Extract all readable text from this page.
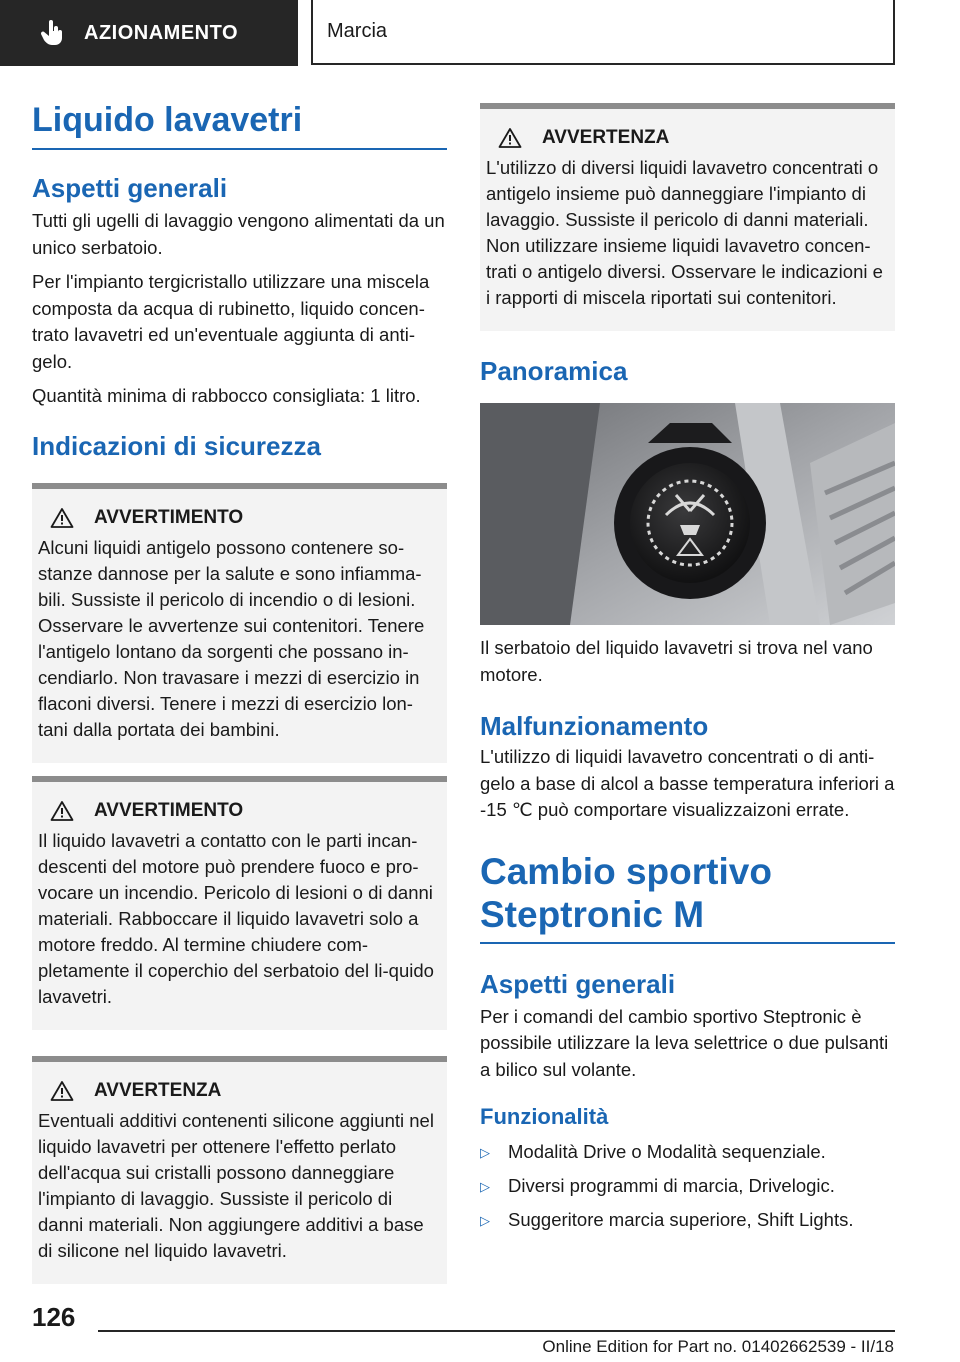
AZIONAMENTO	Marcia
Liquido lavavetri
Aspetti generali

Tutti gli ugelli di lavaggio vengono alimentati da un unico serbatoio.

Per l'impianto tergicristallo utilizzare una miscela composta da acqua di rubinetto, liquido concen-trato lavavetri ed un'eventuale aggiunta di anti-gelo.

Quantità minima di rabbocco consigliata: 1 litro.

Indicazioni di sicurezza
AVVERTIMENTO

Alcuni liquidi antigelo possono contenere so-stanze dannose per la salute e sono infiamma-bili. Sussiste il pericolo di incendio o di lesioni. Osservare le avvertenze sui contenitori. Tenere l'antigelo lontano da sorgenti che possano in-cendiarlo. Non travasare i mezzi di esercizio in flaconi diversi. Tenere i mezzi di esercizio lon-tani dalla portata dei bambini.

AVVERTIMENTO

Il liquido lavavetri a contatto con le parti incan-descenti del motore può prendere fuoco e pro-vocare un incendio. Pericolo di lesioni o di danni materiali. Rabboccare il liquido lavavetri solo a motore freddo. Al termine chiudere com-pletamente il coperchio del serbatoio del li-quido lavavetri.

AVVERTENZA

Eventuali additivi contenenti silicone aggiunti nel liquido lavavetri per ottenere l'effetto perlato dell'acqua sui cristalli possono danneggiare l'impianto di lavaggio. Sussiste il pericolo di danni materiali. Non aggiungere additivi a base di silicone nel liquido lavavetri.

AVVERTENZA

L'utilizzo di diversi liquidi lavavetro concentrati o antigelo insieme può danneggiare l'impianto di lavaggio. Sussiste il pericolo di danni materiali. Non utilizzare insieme liquidi lavavetro concen-trati o antigelo diversi. Osservare le indicazioni e i rapporti di miscela riportati sui contenitori.

Panoramica

Il serbatoio del liquido lavavetri si trova nel vano motore.

Malfunzionamento

L'utilizzo di liquidi lavavetro concentrati o di anti-gelo a base di alcol a basse temperatura inferiori a -15 ℃ può comportare visualizzaizoni errate.

Cambio sportivo Steptronic M
Aspetti generali

Per i comandi del cambio sportivo Steptronic è possibile utilizzare la leva selettrice o due pulsanti a bilico sul volante.

Funzionalità
▷ Modalità Drive o Modalità sequenziale.
▷ Diversi programmi di marcia, Drivelogic.
▷ Suggeritore marcia superiore, Shift Lights.
126
Online Edition for Part no. 01402662539 - II/18
